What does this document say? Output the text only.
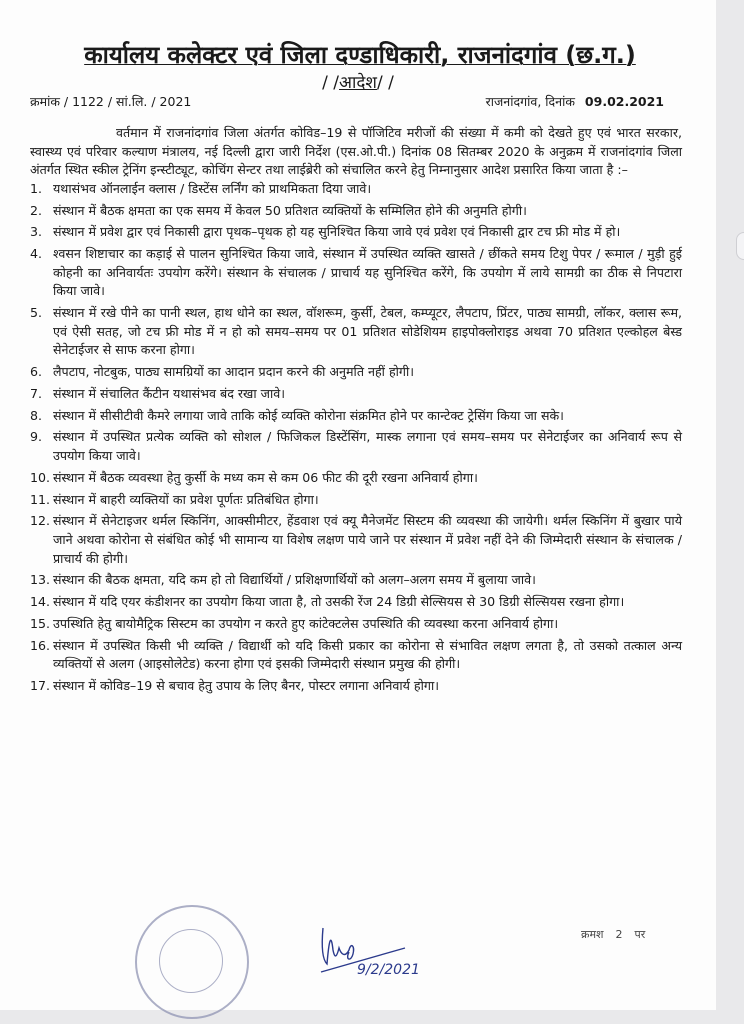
कार्यालय कलेक्टर एवं जिला दण्डाधिकारी, राजनांदगांव (छ.ग.)
/ /आदेश/ /
क्रमांक / 1122 / सां.लि. / 2021	राजनांदगांव, दिनांक 09.02.2021

वर्तमान में राजनांदगांव जिला अंतर्गत कोविड–19 से पॉजिटिव मरीजों की संख्या में कमी को देखते हुए एवं भारत सरकार, स्वास्थ्य एवं परिवार कल्याण मंत्रालय, नई दिल्ली द्वारा जारी निर्देश (एस.ओ.पी.) दिनांक 08 सितम्बर 2020 के अनुक्रम में राजनांदगांव जिला अंतर्गत स्थित स्कील ट्रेनिंग इन्स्टीट्यूट, कोचिंग सेन्टर तथा लाईब्रेरी को संचालित करने हेतु निम्नानुसार आदेश प्रसारित किया जाता है :–

1. यथासंभव ऑनलाईन क्लास / डिस्टेंस लर्निंग को प्राथमिकता दिया जावे।
2. संस्थान में बैठक क्षमता का एक समय में केवल 50 प्रतिशत व्यक्तियों के सम्मिलित होने की अनुमति होगी।
3. संस्थान में प्रवेश द्वार एवं निकासी द्वारा पृथक–पृथक हो यह सुनिश्चित किया जावे एवं प्रवेश एवं निकासी द्वार टच फ्री मोड में हो।
4. श्वसन शिष्टाचार का कड़ाई से पालन सुनिश्चित किया जावे, संस्थान में उपस्थित व्यक्ति खासते / छींकते समय टिशु पेपर / रूमाल / मुड़ी हुई कोहनी का अनिवार्यतः उपयोग करेंगे। संस्थान के संचालक / प्राचार्य यह सुनिश्चित करेंगे, कि उपयोग में लाये सामग्री का ठीक से निपटारा किया जावे।
5. संस्थान में रखे पीने का पानी स्थल, हाथ धोने का स्थल, वॉशरूम, कुर्सी, टेबल, कम्प्यूटर, लैपटाप, प्रिंटर, पाठ्य सामग्री, लॉकर, क्लास रूम, एवं ऐसी सतह, जो टच फ्री मोड में न हो को समय–समय पर 01 प्रतिशत सोडेशियम हाइपोक्लोराइड अथवा 70 प्रतिशत एल्कोहल बेस्ड सेनेटाईजर से साफ करना होगा।
6. लैपटाप, नोटबुक, पाठ्य सामग्रियों का आदान प्रदान करने की अनुमति नहीं होगी।
7. संस्थान में संचालित कैंटीन यथासंभव बंद रखा जावे।
8. संस्थान में सीसीटीवी कैमरे लगाया जावे ताकि कोई व्यक्ति कोरोना संक्रमित होने पर कान्टेक्ट ट्रेसिंग किया जा सके।
9. संस्थान में उपस्थित प्रत्येक व्यक्ति को सोशल / फिजिकल डिस्टेंसिंग, मास्क लगाना एवं समय–समय पर सेनेटाईजर का अनिवार्य रूप से उपयोग किया जावे।
10. संस्थान में बैठक व्यवस्था हेतु कुर्सी के मध्य कम से कम 06 फीट की दूरी रखना अनिवार्य होगा।
11. संस्थान में बाहरी व्यक्तियों का प्रवेश पूर्णतः प्रतिबंधित होगा।
12. संस्थान में सेनेटाइजर थर्मल स्किनिंग, आक्सीमीटर, हेंडवाश एवं क्यू मैनेजमेंट सिस्टम की व्यवस्था की जायेगी। थर्मल स्किनिंग में बुखार पाये जाने अथवा कोरोना से संबंधित कोई भी सामान्य या विशेष लक्षण पाये जाने पर संस्थान में प्रवेश नहीं देने की जिम्मेदारी संस्थान के संचालक / प्राचार्य की होगी।
13. संस्थान की बैठक क्षमता, यदि कम हो तो विद्यार्थियों / प्रशिक्षणार्थियों को अलग–अलग समय में बुलाया जावे।
14. संस्थान में यदि एयर कंडीशनर का उपयोग किया जाता है, तो उसकी रेंज 24 डिग्री सेल्सियस से 30 डिग्री सेल्सियस रखना होगा।
15. उपस्थिति हेतु बायोमैट्रिक सिस्टम का उपयोग न करते हुए कांटेक्टलेस उपस्थिति की व्यवस्था करना अनिवार्य होगा।
16. संस्थान में उपस्थित किसी भी व्यक्ति / विद्यार्थी को यदि किसी प्रकार का कोरोना से संभावित लक्षण लगता है, तो उसको तत्काल अन्य व्यक्तियों से अलग (आइसोलेटेड) करना होगा एवं इसकी जिम्मेदारी संस्थान प्रमुख की होगी।
17. संस्थान में कोविड–19 से बचाव हेतु उपाय के लिए बैनर, पोस्टर लगाना अनिवार्य होगा।
9/2/2021
क्रमश 2 पर
